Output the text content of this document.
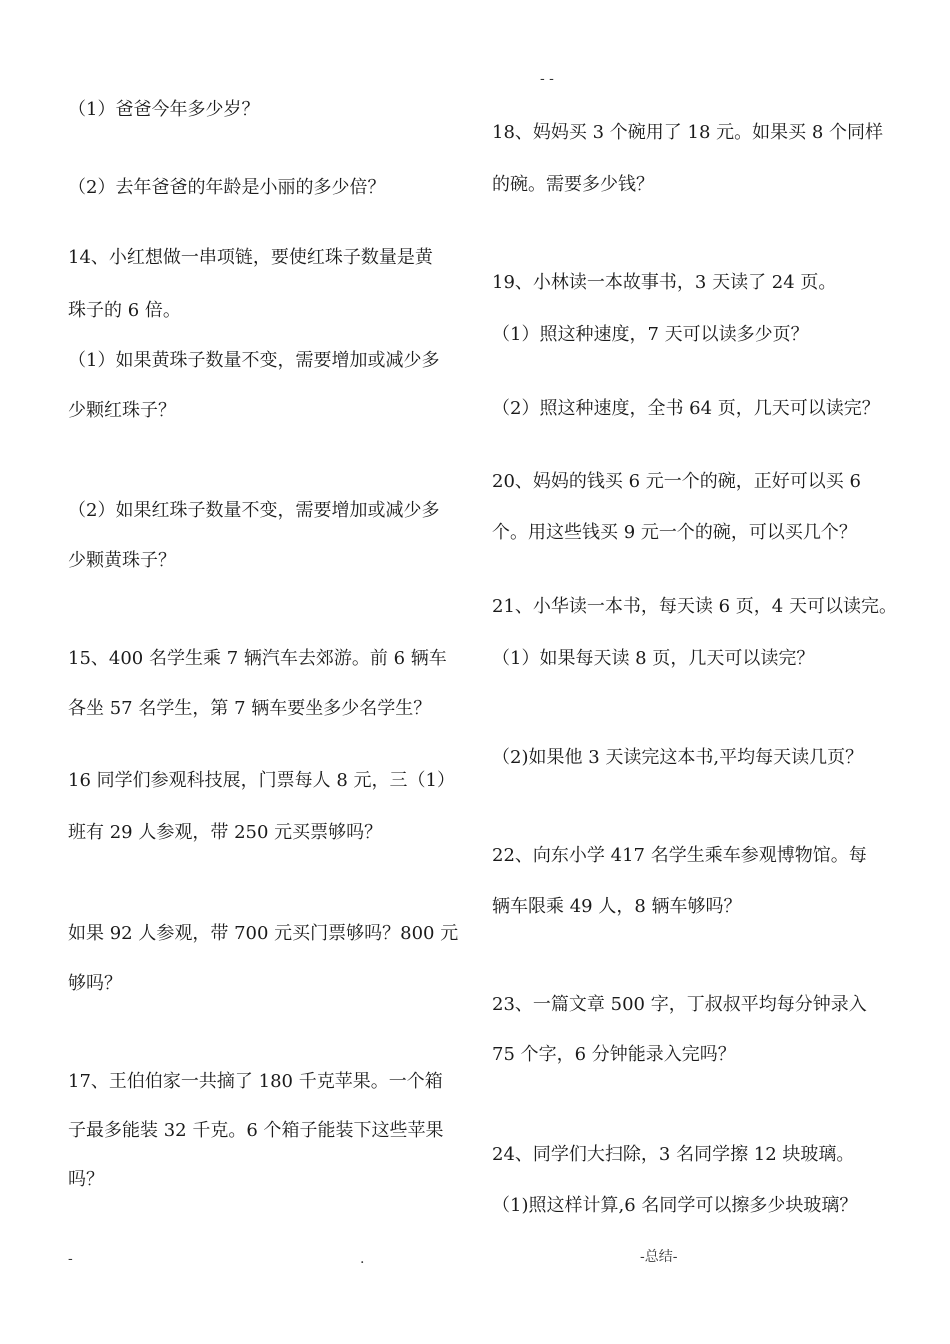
- -
（1）爸爸今年多少岁？
（2）去年爸爸的年龄是小丽的多少倍？
14、小红想做一串项链，要使红珠子数量是黄
珠子的 6 倍。
（1）如果黄珠子数量不变，需要增加或减少多
少颗红珠子？
（2）如果红珠子数量不变，需要增加或减少多
少颗黄珠子？
15、400 名学生乘 7 辆汽车去郊游。前 6 辆车
各坐 57 名学生，第 7 辆车要坐多少名学生？
16 同学们参观科技展，门票每人 8 元，三（1）
班有 29 人参观，带 250 元买票够吗？
如果 92 人参观，带 700 元买门票够吗？800 元
够吗？
17、王伯伯家一共摘了 180 千克苹果。一个箱
子最多能装 32 千克。6 个箱子能装下这些苹果
吗？
18、妈妈买 3 个碗用了 18 元。如果买 8 个同样
的碗。需要多少钱？
19、小林读一本故事书，3 天读了 24 页。
（1）照这种速度，7 天可以读多少页？
（2）照这种速度，全书 64 页，几天可以读完？
20、妈妈的钱买 6 元一个的碗，正好可以买 6
个。用这些钱买 9 元一个的碗，可以买几个？
21、小华读一本书，每天读 6 页，4 天可以读完。
（1）如果每天读 8 页，几天可以读完？
（2)如果他 3 天读完这本书,平均每天读几页？
22、向东小学 417 名学生乘车参观博物馆。每
辆车限乘 49 人，8 辆车够吗？
23、一篇文章 500 字，丁叔叔平均每分钟录入
75 个字，6 分钟能录入完吗？
24、同学们大扫除，3 名同学擦 12 块玻璃。
（1)照这样计算,6 名同学可以擦多少块玻璃？
-	.	-总结-
